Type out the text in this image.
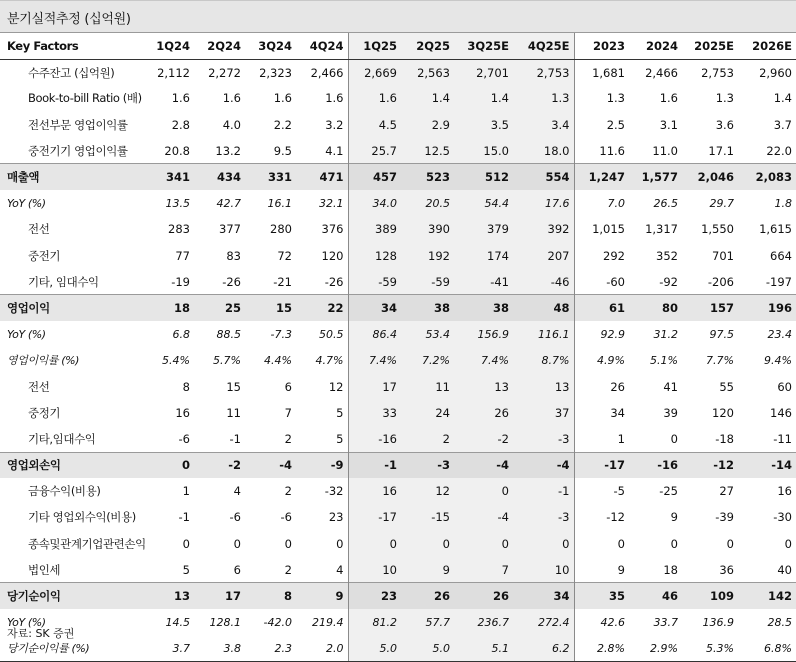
분기실적추정 (십억원)
Key Factors	1Q24	2Q24	3Q24	4Q24	1Q25	2Q25	3Q25E	4Q25E	2023	2024	2025E	2026E
수주잔고 (십억원)	2,112	2,272	2,323	2,466	2,669	2,563	2,701	2,753	1,681	2,466	2,753	2,960
Book-to-bill Ratio (배)	1.6	1.6	1.6	1.6	1.6	1.4	1.4	1.3	1.3	1.6	1.3	1.4
전선부문 영업이익률	2.8	4.0	2.2	3.2	4.5	2.9	3.5	3.4	2.5	3.1	3.6	3.7
중전기기 영업이익률	20.8	13.2	9.5	4.1	25.7	12.5	15.0	18.0	11.6	11.0	17.1	22.0
매출액	341	434	331	471	457	523	512	554	1,247	1,577	2,046	2,083
YoY (%)	13.5	42.7	16.1	32.1	34.0	20.5	54.4	17.6	7.0	26.5	29.7	1.8
전선	283	377	280	376	389	390	379	392	1,015	1,317	1,550	1,615
중전기	77	83	72	120	128	192	174	207	292	352	701	664
기타, 임대수익	-19	-26	-21	-26	-59	-59	-41	-46	-60	-92	-206	-197
영업이익	18	25	15	22	34	38	38	48	61	80	157	196
YoY (%)	6.8	88.5	-7.3	50.5	86.4	53.4	156.9	116.1	92.9	31.2	97.5	23.4
영업이익률 (%)	5.4%	5.7%	4.4%	4.7%	7.4%	7.2%	7.4%	8.7%	4.9%	5.1%	7.7%	9.4%
전선	8	15	6	12	17	11	13	13	26	41	55	60
중정기	16	11	7	5	33	24	26	37	34	39	120	146
기타,임대수익	-6	-1	2	5	-16	2	-2	-3	1	0	-18	-11
영업외손익	0	-2	-4	-9	-1	-3	-4	-4	-17	-16	-12	-14
금융수익(비용)	1	4	2	-32	16	12	0	-1	-5	-25	27	16
기타 영업외수익(비용)	-1	-6	-6	23	-17	-15	-4	-3	-12	9	-39	-30
종속및관계기업관련손익	0	0	0	0	0	0	0	0	0	0	0	0
법인세	5	6	2	4	10	9	7	10	9	18	36	40
당기순이익	13	17	8	9	23	26	26	34	35	46	109	142
YoY (%)	14.5	128.1	-42.0	219.4	81.2	57.7	236.7	272.4	42.6	33.7	136.9	28.5
당기순이익률 (%)	3.7	3.8	2.3	2.0	5.0	5.0	5.1	6.2	2.8%	2.9%	5.3%	6.8%
자료: SK 증권
